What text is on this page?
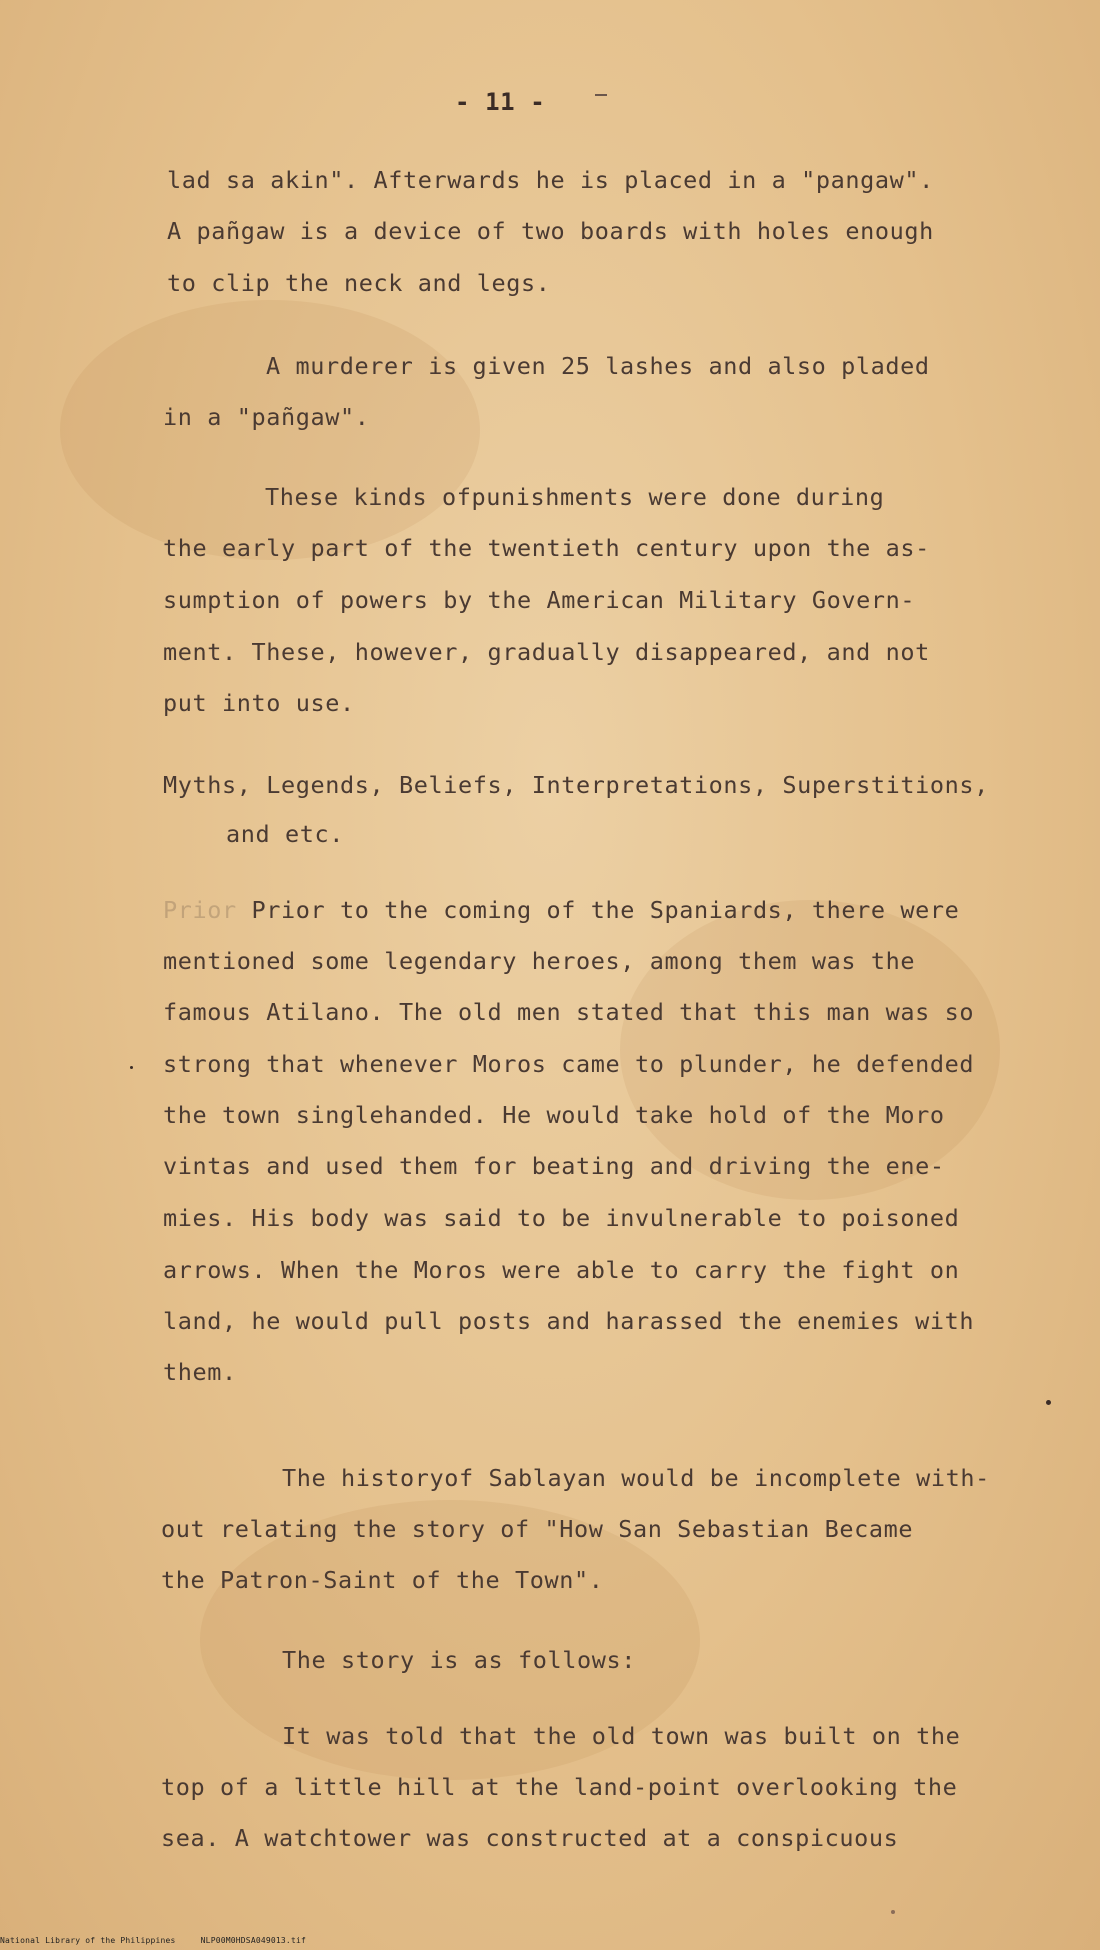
- 11 -
lad sa akin". Afterwards he is placed in a "pangaw".
A pañgaw is a device of two boards with holes enough
to clip the neck and legs.
A murderer is given 25 lashes and also pladed
in a "pañgaw".
These kinds ofpunishments were done during
the early part of the twentieth century upon the as-
sumption of powers by the American Military Govern-
ment. These, however, gradually disappeared, and not
put into use.
Myths, Legends, Beliefs, Interpretations, Superstitions,
and etc.
Prior Prior to the coming of the Spaniards, there were
mentioned some legendary heroes, among them was the
famous Atilano. The old men stated that this man was so
strong that whenever Moros came to plunder, he defended
the town singlehanded. He would take hold of the Moro
vintas and used them for beating and driving the ene-
mies. His body was said to be invulnerable to poisoned
arrows. When the Moros were able to carry the fight on
land, he would pull posts and harassed the enemies with
them.
The historyof Sablayan would be incomplete with-
out relating the story of "How San Sebastian Became
the Patron-Saint of the Town".
The story is as follows:
It was told that the old town was built on the
top of a little hill at the land-point overlooking the
sea. A watchtower was constructed at a conspicuous
National Library of the Philippines     NLP00M0HDSA049013.tif
